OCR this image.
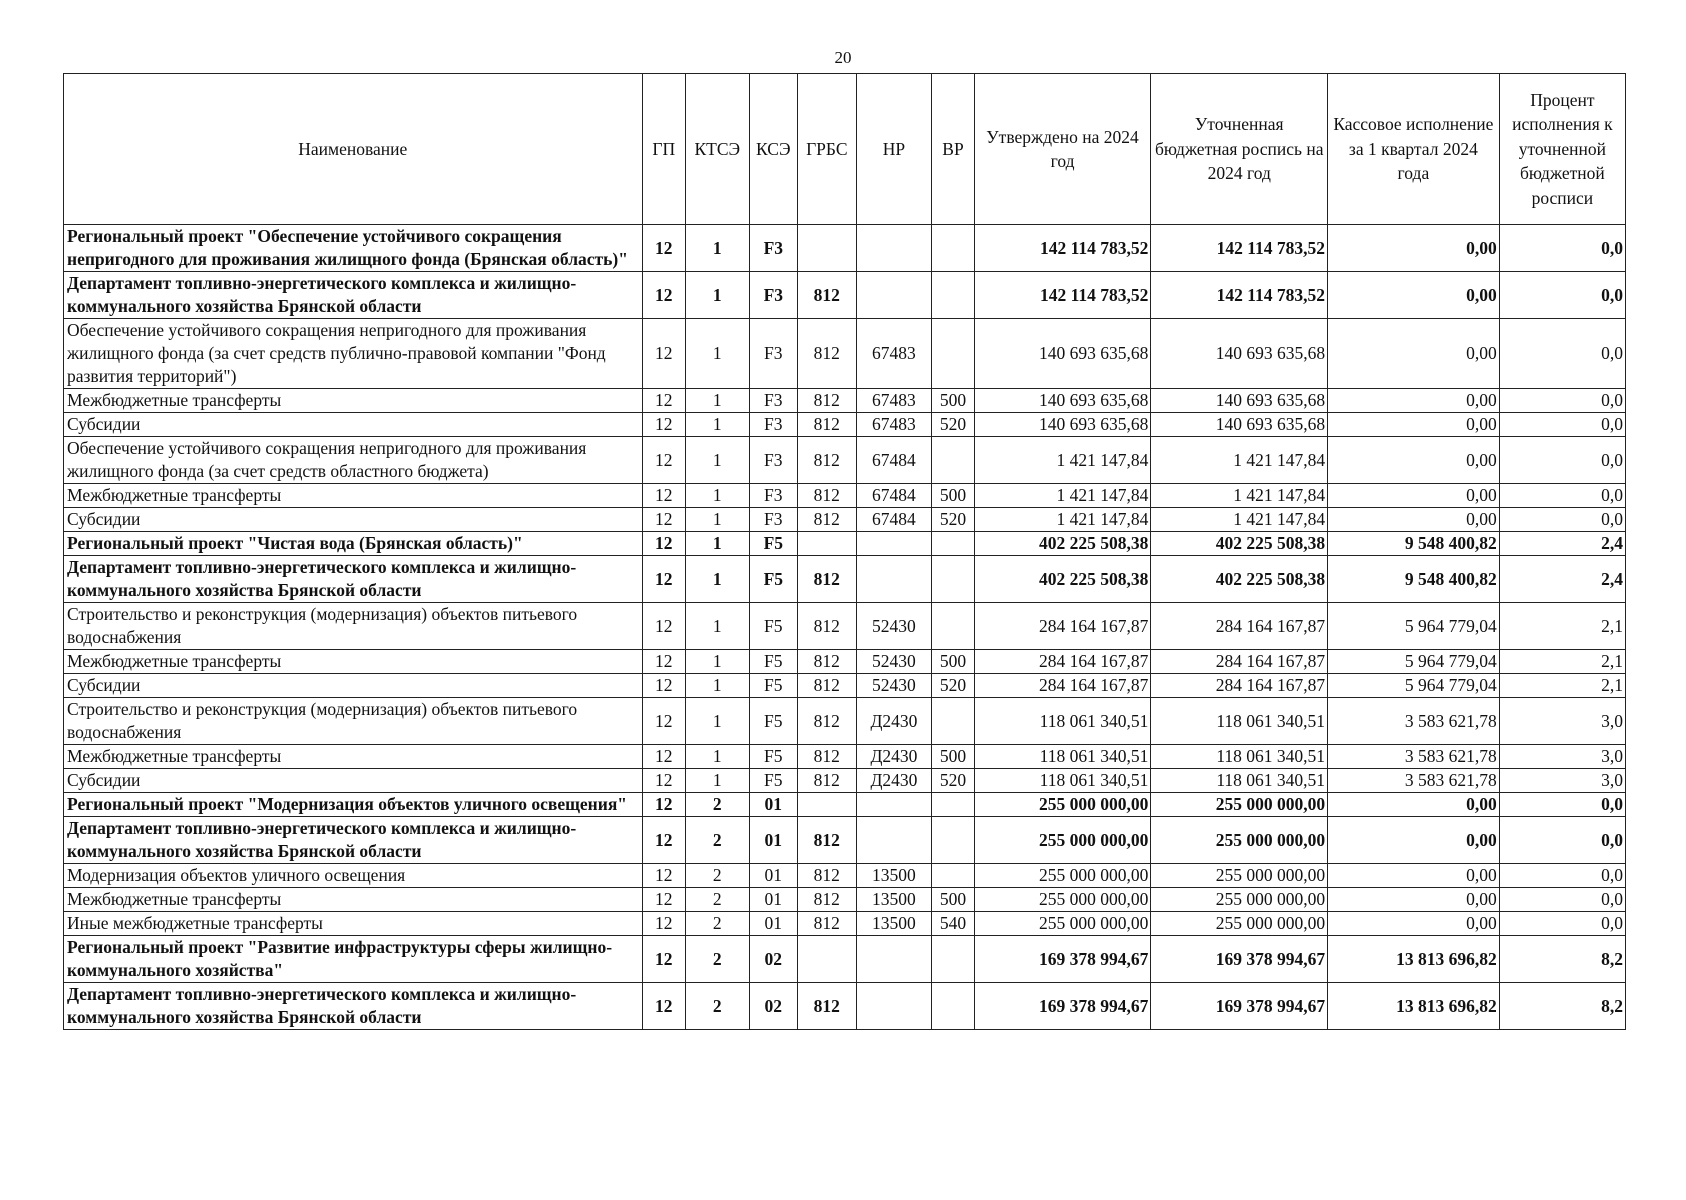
20
Наименование	ГП	КТСЭ	КСЭ	ГРБС	НР	ВР	Утверждено на 2024 год	Уточненная бюджетная роспись на 2024 год	Кассовое исполнение за 1 квартал 2024 года	Процент исполнения к уточненной бюджетной росписи
Региональный проект "Обеспечение устойчивого сокращения непригодного для проживания жилищного фонда (Брянская область)"	12	1	F3				142 114 783,52	142 114 783,52	0,00	0,0
Департамент топливно-энергетического комплекса и жилищно-коммунального хозяйства Брянской области	12	1	F3	812			142 114 783,52	142 114 783,52	0,00	0,0
Обеспечение устойчивого сокращения непригодного для проживания жилищного фонда (за счет средств публично-правовой компании "Фонд развития территорий")	12	1	F3	812	67483		140 693 635,68	140 693 635,68	0,00	0,0
Межбюджетные трансферты	12	1	F3	812	67483	500	140 693 635,68	140 693 635,68	0,00	0,0
Субсидии	12	1	F3	812	67483	520	140 693 635,68	140 693 635,68	0,00	0,0
Обеспечение устойчивого сокращения непригодного для проживания жилищного фонда (за счет средств областного бюджета)	12	1	F3	812	67484		1 421 147,84	1 421 147,84	0,00	0,0
Межбюджетные трансферты	12	1	F3	812	67484	500	1 421 147,84	1 421 147,84	0,00	0,0
Субсидии	12	1	F3	812	67484	520	1 421 147,84	1 421 147,84	0,00	0,0
Региональный проект "Чистая вода (Брянская область)"	12	1	F5				402 225 508,38	402 225 508,38	9 548 400,82	2,4
Департамент топливно-энергетического комплекса и жилищно-коммунального хозяйства Брянской области	12	1	F5	812			402 225 508,38	402 225 508,38	9 548 400,82	2,4
Строительство и реконструкция (модернизация) объектов питьевого водоснабжения	12	1	F5	812	52430		284 164 167,87	284 164 167,87	5 964 779,04	2,1
Межбюджетные трансферты	12	1	F5	812	52430	500	284 164 167,87	284 164 167,87	5 964 779,04	2,1
Субсидии	12	1	F5	812	52430	520	284 164 167,87	284 164 167,87	5 964 779,04	2,1
Строительство и реконструкция (модернизация) объектов питьевого водоснабжения	12	1	F5	812	Д2430		118 061 340,51	118 061 340,51	3 583 621,78	3,0
Межбюджетные трансферты	12	1	F5	812	Д2430	500	118 061 340,51	118 061 340,51	3 583 621,78	3,0
Субсидии	12	1	F5	812	Д2430	520	118 061 340,51	118 061 340,51	3 583 621,78	3,0
Региональный проект "Модернизация объектов уличного освещения"	12	2	01				255 000 000,00	255 000 000,00	0,00	0,0
Департамент топливно-энергетического комплекса и жилищно-коммунального хозяйства Брянской области	12	2	01	812			255 000 000,00	255 000 000,00	0,00	0,0
Модернизация объектов уличного освещения	12	2	01	812	13500		255 000 000,00	255 000 000,00	0,00	0,0
Межбюджетные трансферты	12	2	01	812	13500	500	255 000 000,00	255 000 000,00	0,00	0,0
Иные межбюджетные трансферты	12	2	01	812	13500	540	255 000 000,00	255 000 000,00	0,00	0,0
Региональный проект "Развитие инфраструктуры сферы жилищно-коммунального хозяйства"	12	2	02				169 378 994,67	169 378 994,67	13 813 696,82	8,2
Департамент топливно-энергетического комплекса и жилищно-коммунального хозяйства Брянской области	12	2	02	812			169 378 994,67	169 378 994,67	13 813 696,82	8,2
